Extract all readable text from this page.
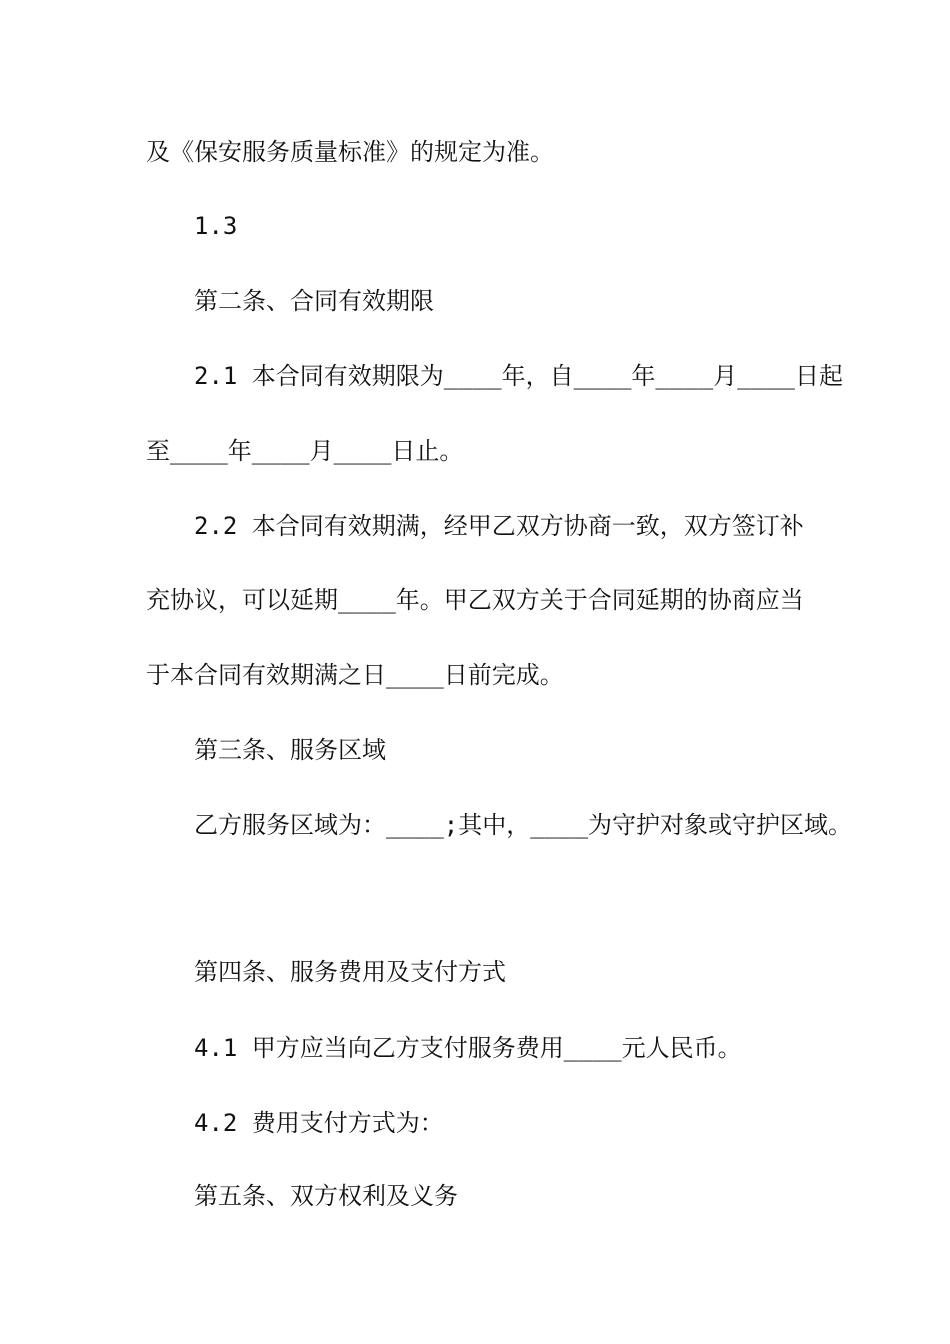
及《保安服务质量标准》的规定为准。
1.3
第二条、合同有效期限
2.1 本合同有效期限为____年，自____年____月____日起
至____年____月____日止。
2.2 本合同有效期满，经甲乙双方协商一致，双方签订补
充协议，可以延期____年。甲乙双方关于合同延期的协商应当
于本合同有效期满之日____日前完成。
第三条、服务区域
乙方服务区域为：____;其中，____为守护对象或守护区域。
第四条、服务费用及支付方式
4.1 甲方应当向乙方支付服务费用____元人民币。
4.2 费用支付方式为：
第五条、双方权利及义务
